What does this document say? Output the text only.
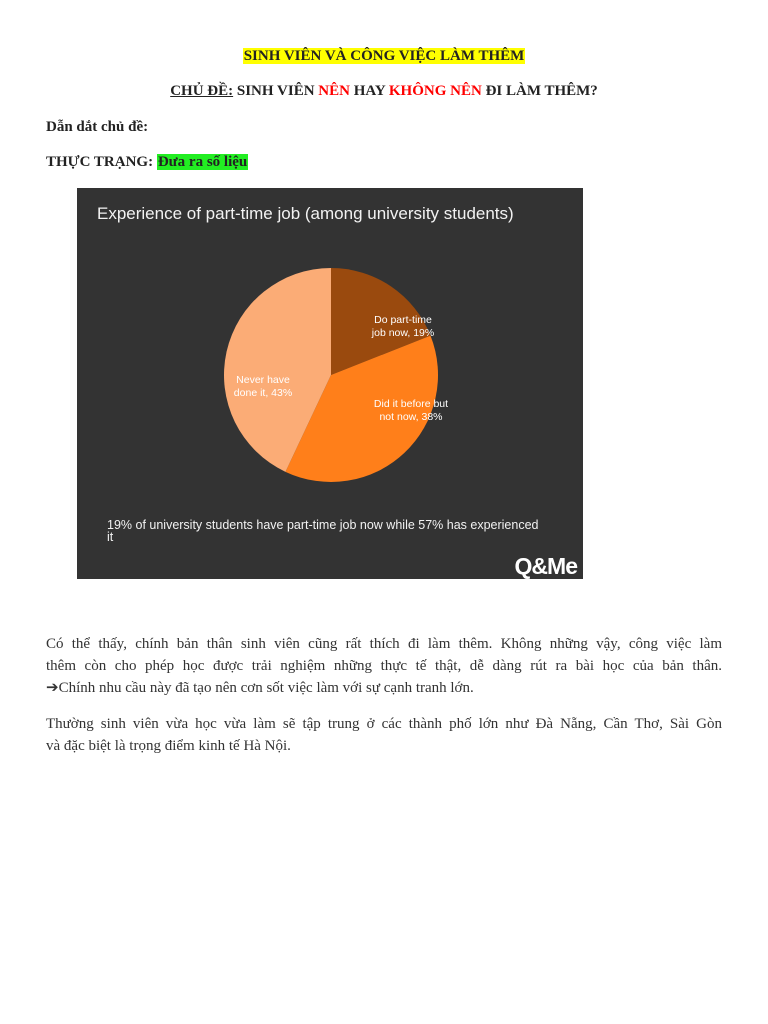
SINH VIÊN VÀ CÔNG VIỆC LÀM THÊM
CHỦ ĐỀ: SINH VIÊN NÊN HAY KHÔNG NÊN ĐI LÀM THÊM?
Dẫn dắt chủ đề:
THỰC TRẠNG: Đưa ra số liệu
Experience of part-time job (among university students)
Do part-time
job now, 19%
Did it before but
not now, 38%
Never have
done it, 43%
19% of university students have part-time job now while 57% has experienced
it
Q&Me
Có thể thấy, chính bản thân sinh viên cũng rất thích đi làm thêm. Không những vậy, công việc làm
thêm còn cho phép học được trải nghiệm những thực tế thật, dễ dàng rút ra bài học của bản thân.
➔Chính nhu cầu này đã tạo nên cơn sốt việc làm với sự cạnh tranh lớn.
Thường sinh viên vừa học vừa làm sẽ tập trung ở các thành phố lớn như Đà Nẵng, Cần Thơ, Sài Gòn
và đặc biệt là trọng điểm kinh tế Hà Nội.
